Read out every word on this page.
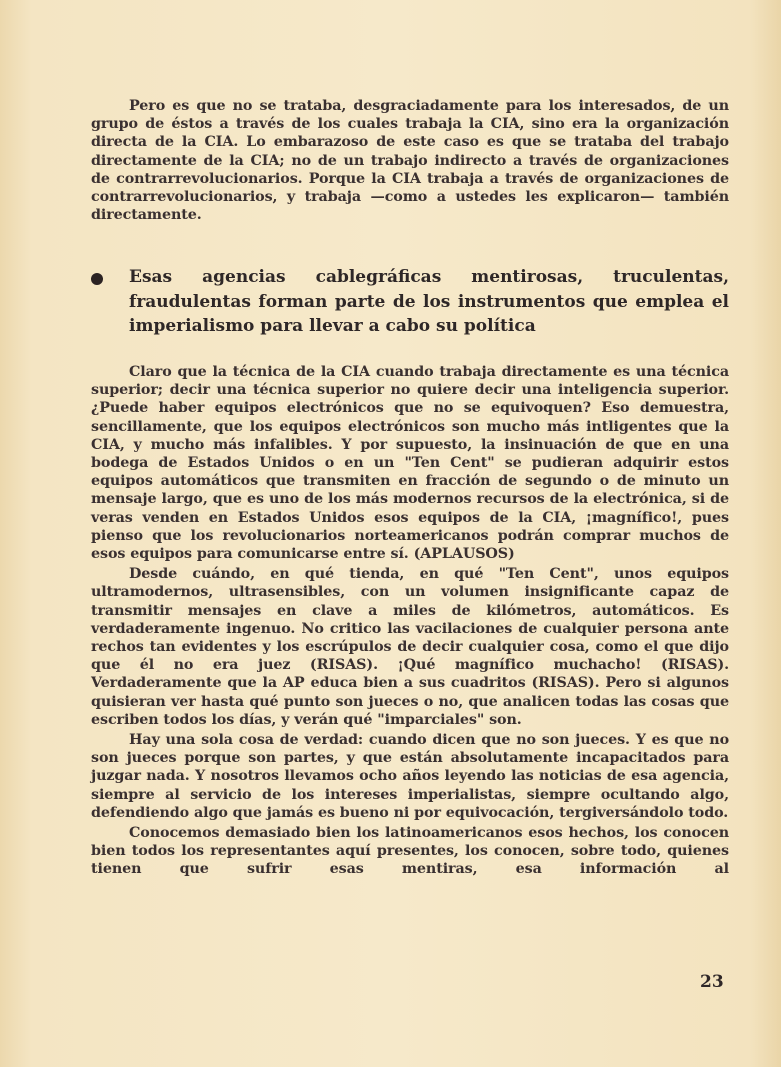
Pero es que no se trataba, desgraciadamente para los interesados, de un grupo de éstos a través de los cuales trabaja la CIA, sino era la organización directa de la CIA. Lo embarazoso de este caso es que se trataba del trabajo directamente de la CIA; no de un trabajo indirecto a través de organizaciones de contrarrevolucionarios. Porque la CIA trabaja a través de organizaciones de contrarrevolucionarios, y trabaja —como a ustedes les explicaron— también directamente.

Esas agencias cablegráficas mentirosas, truculentas, fraudulentas forman parte de los instrumentos que emplea el imperialismo para llevar a cabo su política

Claro que la técnica de la CIA cuando trabaja directamente es una técnica superior; decir una técnica superior no quiere decir una inteligencia superior. ¿Puede haber equipos electrónicos que no se equivoquen? Eso demuestra, sencillamente, que los equipos electrónicos son mucho más intligentes que la CIA, y mucho más infalibles. Y por supuesto, la insinuación de que en una bodega de Estados Unidos o en un "Ten Cent" se pudieran adquirir estos equipos automáticos que transmiten en fracción de segundo o de minuto un mensaje largo, que es uno de los más modernos recursos de la electrónica, si de veras venden en Estados Unidos esos equipos de la CIA, ¡magnífico!, pues pienso que los revolucionarios norteamericanos podrán comprar muchos de esos equipos para comunicarse entre sí. (APLAUSOS)

Desde cuándo, en qué tienda, en qué "Ten Cent", unos equipos ultramodernos, ultrasensibles, con un volumen insignificante capaz de transmitir mensajes en clave a miles de kilómetros, automáticos. Es verdaderamente ingenuo. No critico las vacilaciones de cualquier persona ante rechos tan evidentes y los escrúpulos de decir cualquier cosa, como el que dijo que él no era juez (RISAS). ¡Qué magnífico muchacho! (RISAS). Verdaderamente que la AP educa bien a sus cuadritos (RISAS). Pero si algunos quisieran ver hasta qué punto son jueces o no, que analicen todas las cosas que escriben todos los días, y verán qué "imparciales" son.

Hay una sola cosa de verdad: cuando dicen que no son jueces. Y es que no son jueces porque son partes, y que están absolutamente incapacitados para juzgar nada. Y nosotros llevamos ocho años leyendo las noticias de esa agencia, siempre al servicio de los intereses imperialistas, siempre ocultando algo, defendiendo algo que jamás es bueno ni por equivocación, tergiversándolo todo.

Conocemos demasiado bien los latinoamericanos esos hechos, los conocen bien todos los representantes aquí presentes, los conocen, sobre todo, quienes tienen que sufrir esas mentiras, esa información al

23
